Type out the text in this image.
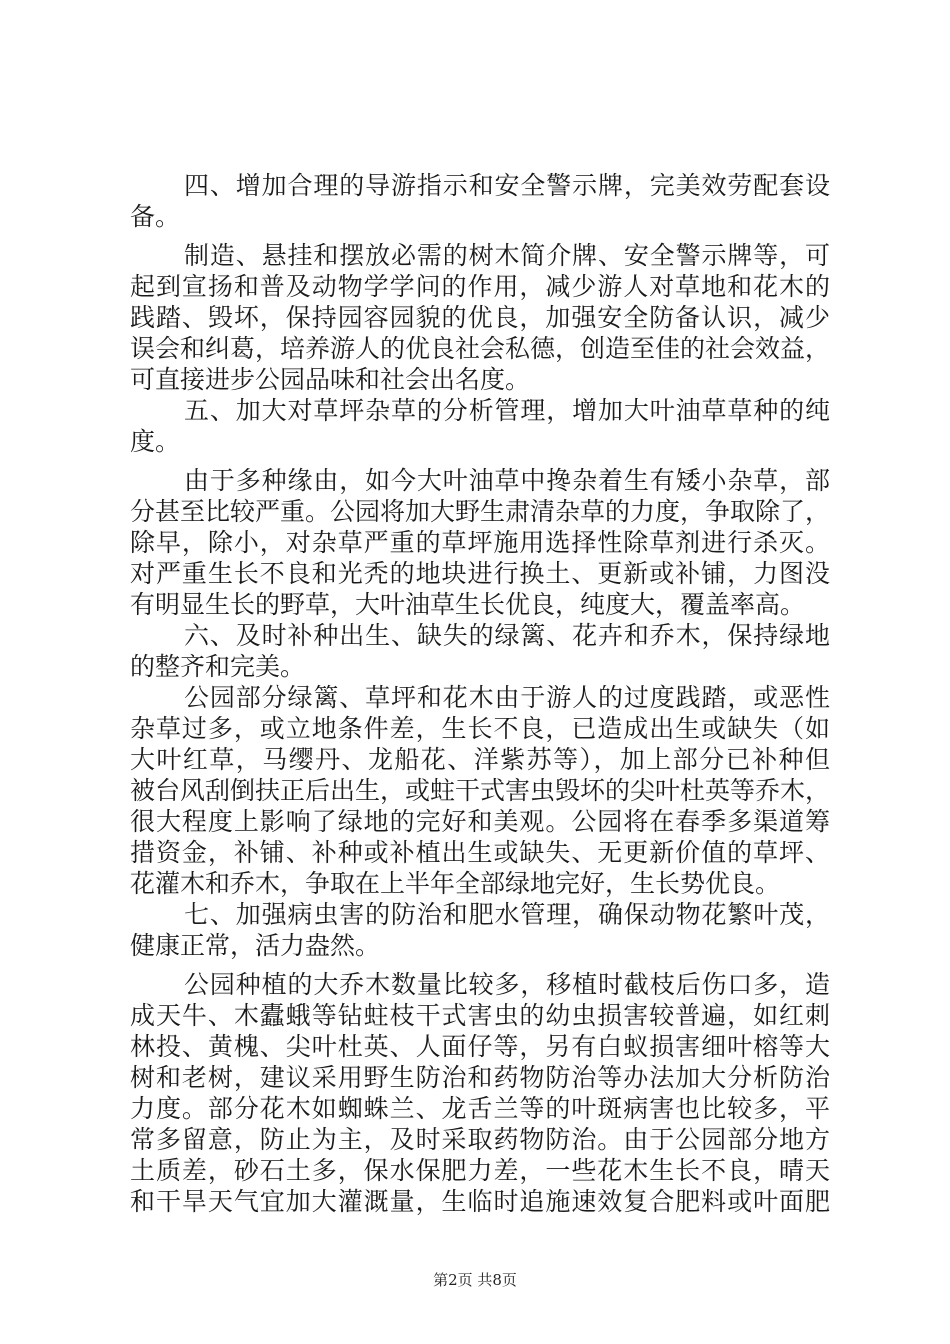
四、增加合理的导游指示和安全警示牌，完美效劳配套设
备。
制造、悬挂和摆放必需的树木简介牌、安全警示牌等，可
起到宣扬和普及动物学学问的作用，减少游人对草地和花木的
践踏、毁坏，保持园容园貌的优良，加强安全防备认识，减少
误会和纠葛，培养游人的优良社会私德，创造至佳的社会效益，
可直接进步公园品味和社会出名度。
五、加大对草坪杂草的分析管理，增加大叶油草草种的纯
度。
由于多种缘由，如今大叶油草中搀杂着生有矮小杂草，部
分甚至比较严重。公园将加大野生肃清杂草的力度，争取除了，
除早，除小，对杂草严重的草坪施用选择性除草剂进行杀灭。
对严重生长不良和光秃的地块进行换土、更新或补铺，力图没
有明显生长的野草，大叶油草生长优良，纯度大，覆盖率高。
六、及时补种出生、缺失的绿篱、花卉和乔木，保持绿地
的整齐和完美。
公园部分绿篱、草坪和花木由于游人的过度践踏，或恶性
杂草过多，或立地条件差，生长不良，已造成出生或缺失（如
大叶红草，马缨丹、龙船花、洋紫苏等），加上部分已补种但
被台风刮倒扶正后出生，或蛀干式害虫毁坏的尖叶杜英等乔木，
很大程度上影响了绿地的完好和美观。公园将在春季多渠道筹
措资金，补铺、补种或补植出生或缺失、无更新价值的草坪、
花灌木和乔木，争取在上半年全部绿地完好，生长势优良。
七、加强病虫害的防治和肥水管理，确保动物花繁叶茂，
健康正常，活力盎然。
公园种植的大乔木数量比较多，移植时截枝后伤口多，造
成天牛、木蠹蛾等钻蛀枝干式害虫的幼虫损害较普遍，如红刺
林投、黄槐、尖叶杜英、人面仔等，另有白蚁损害细叶榕等大
树和老树，建议采用野生防治和药物防治等办法加大分析防治
力度。部分花木如蜘蛛兰、龙舌兰等的叶斑病害也比较多，平
常多留意，防止为主，及时采取药物防治。由于公园部分地方
土质差，砂石土多，保水保肥力差，一些花木生长不良，晴天
和干旱天气宜加大灌溉量，生临时追施速效复合肥料或叶面肥
第2页 共8页
